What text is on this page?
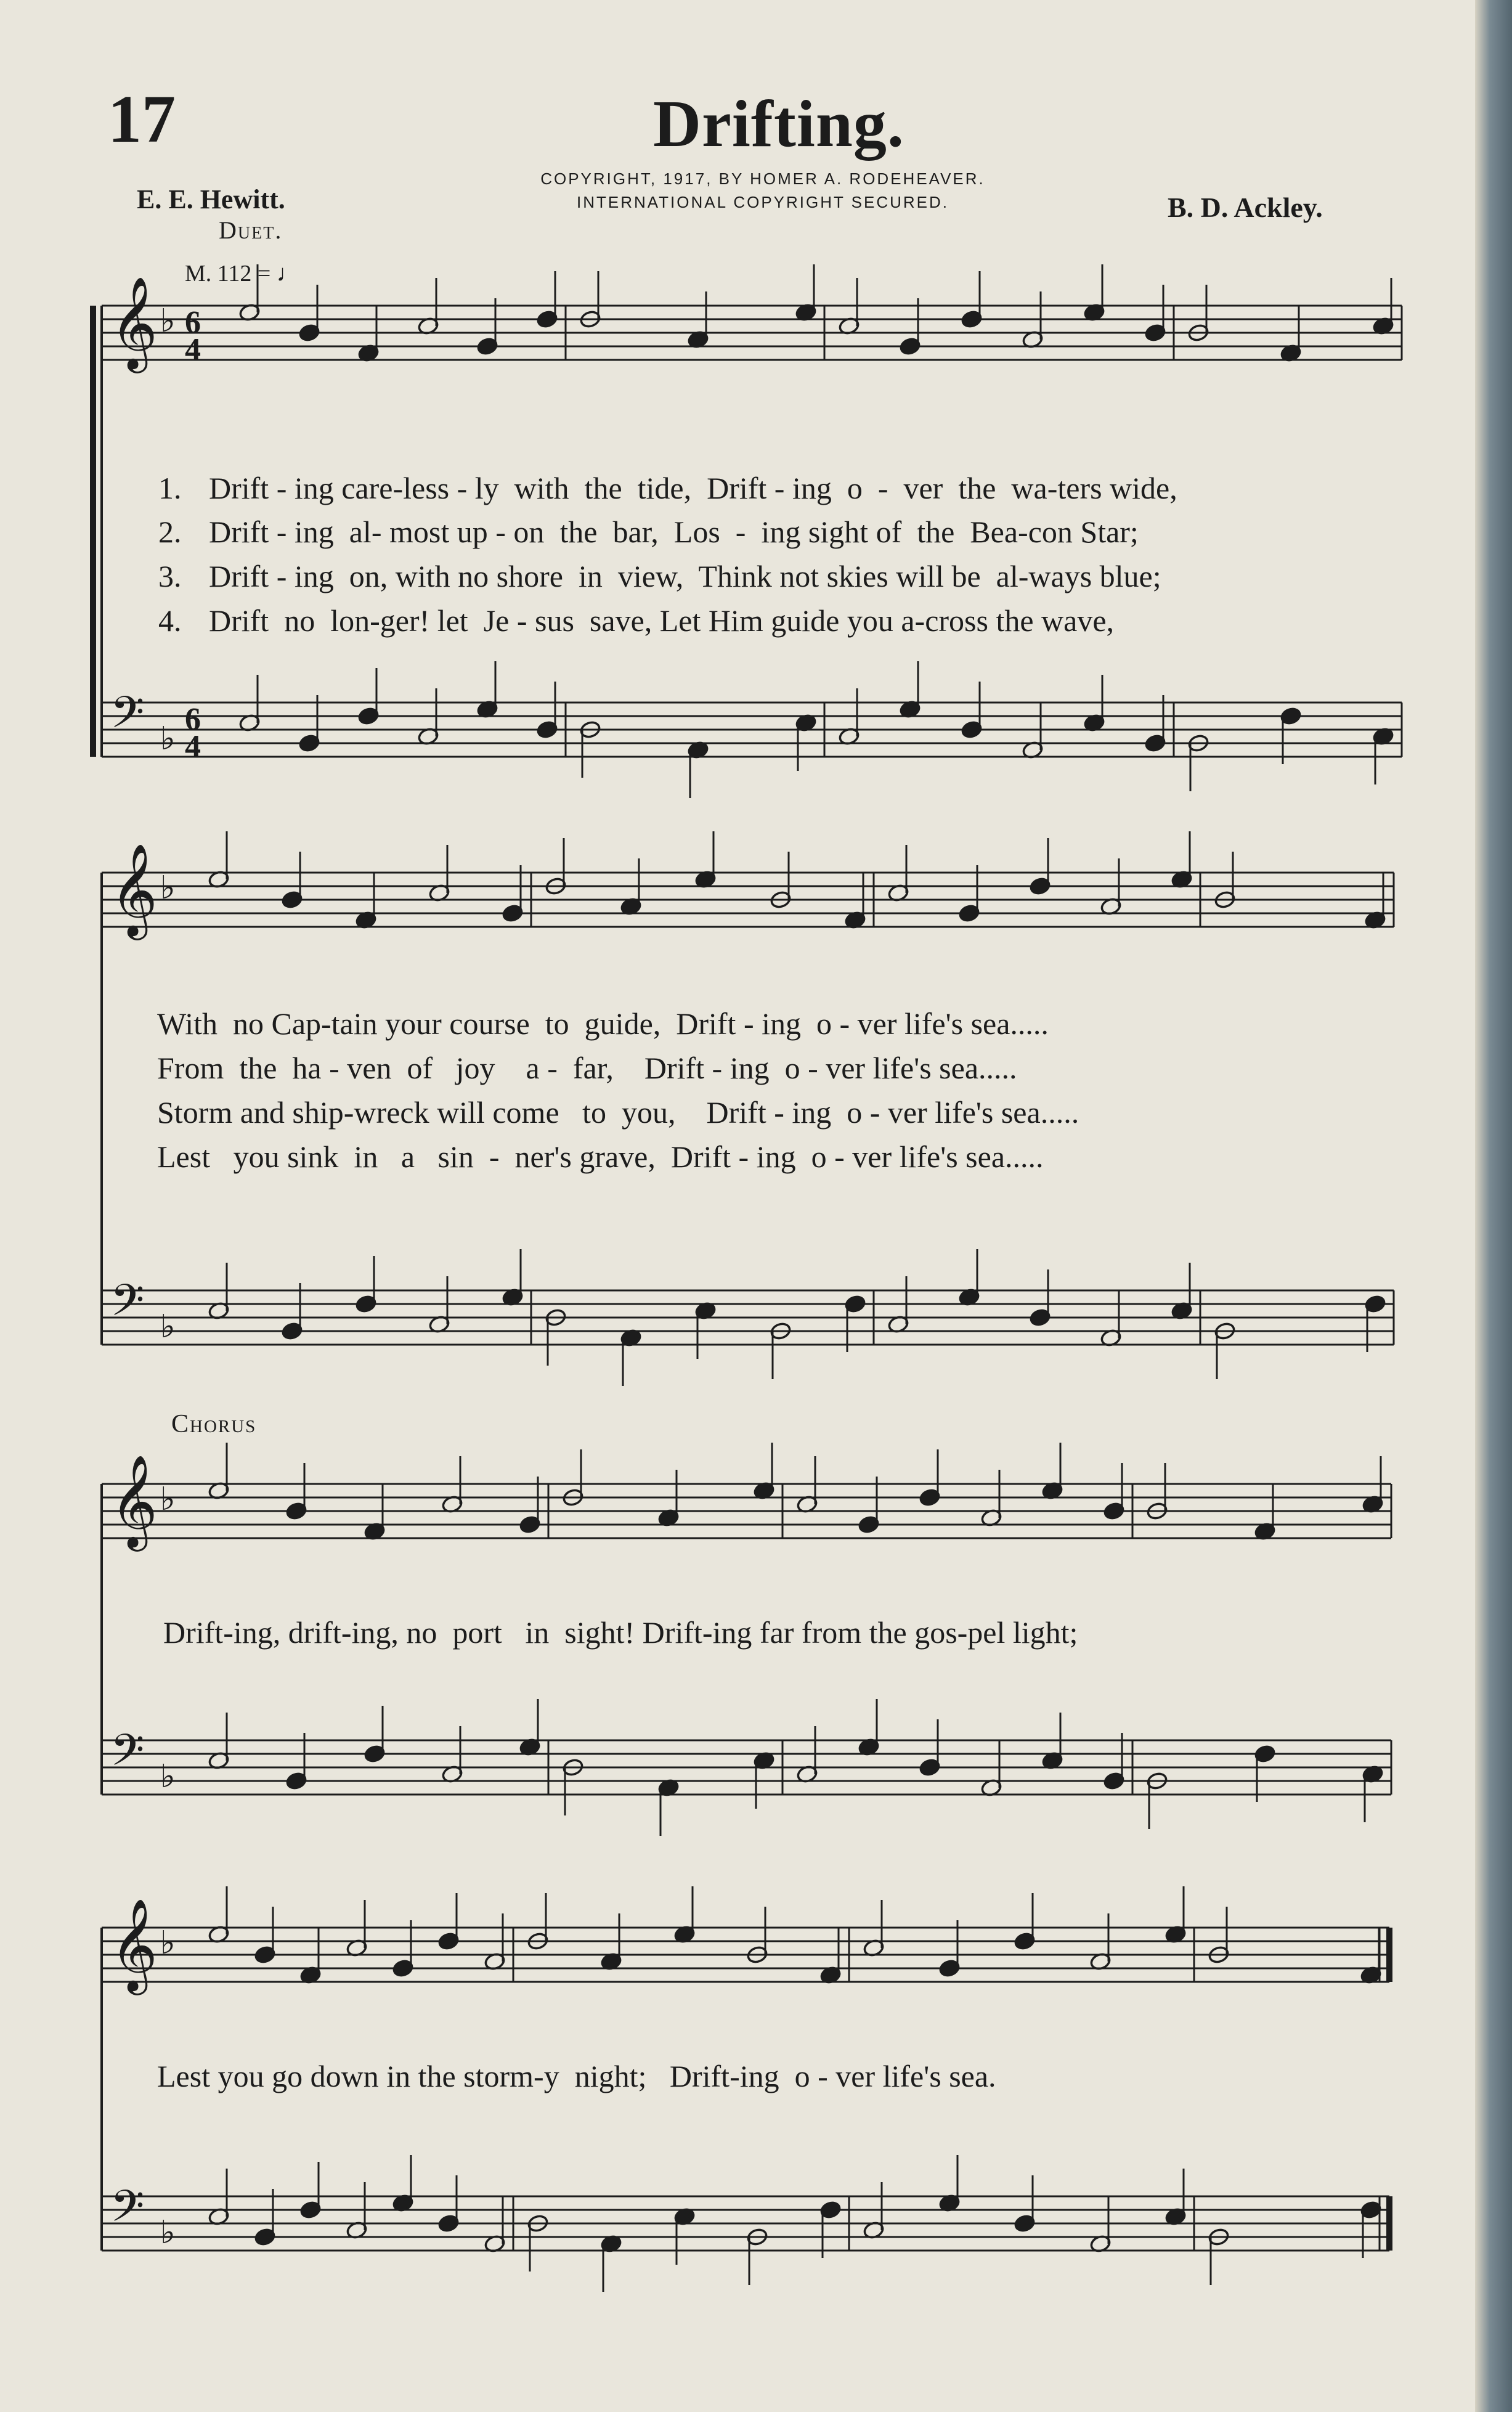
17	Drifting.
COPYRIGHT, 1917, BY HOMER A. RODEHEAVER.
INTERNATIONAL COPYRIGHT SECURED.
E. E. Hewitt.	B. D. Ackley.
Duet.
M. 112 = ♩
Chorus
𝄞
𝄢
♭
♭
6
4
6
4
𝄞
𝄢
♭
♭
𝄞
𝄢
♭
♭
𝄞
𝄢
♭
♭

1. Drift - ing care-less - ly  with  the  tide,  Drift - ing  o  -  ver  the  wa-ters wide,

2. Drift - ing  al- most up - on  the  bar,  Los  -  ing sight of  the  Bea-con Star;

3. Drift - ing  on, with no shore  in  view,  Think not skies will be  al-ways blue;

4. Drift  no  lon-ger! let  Je - sus  save, Let Him guide you a-cross the wave,

With  no Cap-tain your course  to  guide,  Drift - ing  o - ver life's sea.....
From  the  ha - ven  of   joy    a -  far,    Drift - ing  o - ver life's sea.....
Storm and ship-wreck will come   to  you,    Drift - ing  o - ver life's sea.....
Lest   you sink  in   a   sin  -  ner's grave,  Drift - ing  o - ver life's sea.....
Drift-ing, drift-ing, no  port   in  sight! Drift-ing far from the gos-pel light;
Lest you go down in the storm-y  night;   Drift-ing  o - ver life's sea.
